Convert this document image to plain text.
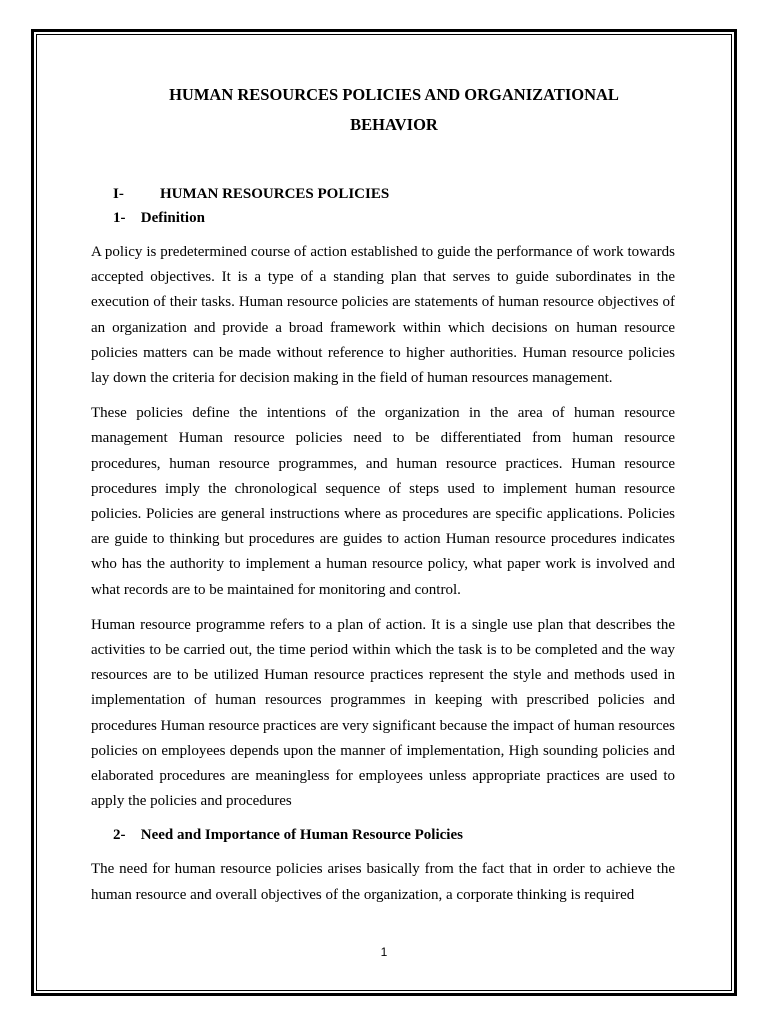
HUMAN RESOURCES POLICIES AND ORGANIZATIONAL
BEHAVIOR
I- HUMAN RESOURCES POLICIES
1- Definition

A policy is predetermined course of action established to guide the performance of work towards accepted objectives. It is a type of a standing plan that serves to guide subordinates in the execution of their tasks. Human resource policies are statements of human resource objectives of an organization and provide a broad framework within which decisions on human resource policies matters can be made without reference to higher authorities. Human resource policies lay down the criteria for decision making in the field of human resources management.

These policies define the intentions of the organization in the area of human resource management Human resource policies need to be differentiated from human resource procedures, human resource programmes, and human resource practices. Human resource procedures imply the chronological sequence of steps used to implement human resource policies. Policies are general instructions where as procedures are specific applications. Policies are guide to thinking but procedures are guides to action Human resource procedures indicates who has the authority to implement a human resource policy, what paper work is involved and what records are to be maintained for monitoring and control.

Human resource programme refers to a plan of action. It is a single use plan that describes the activities to be carried out, the time period within which the task is to be completed and the way resources are to be utilized Human resource practices represent the style and methods used in implementation of human resources programmes in keeping with prescribed policies and procedures Human resource practices are very significant because the impact of human resources policies on employees depends upon the manner of implementation, High sounding policies and elaborated procedures are meaningless for employees unless appropriate practices are used to apply the policies and procedures

2- Need and Importance of Human Resource Policies

The need for human resource policies arises basically from the fact that in order to achieve the human resource and overall objectives of the organization, a corporate thinking is required

1
